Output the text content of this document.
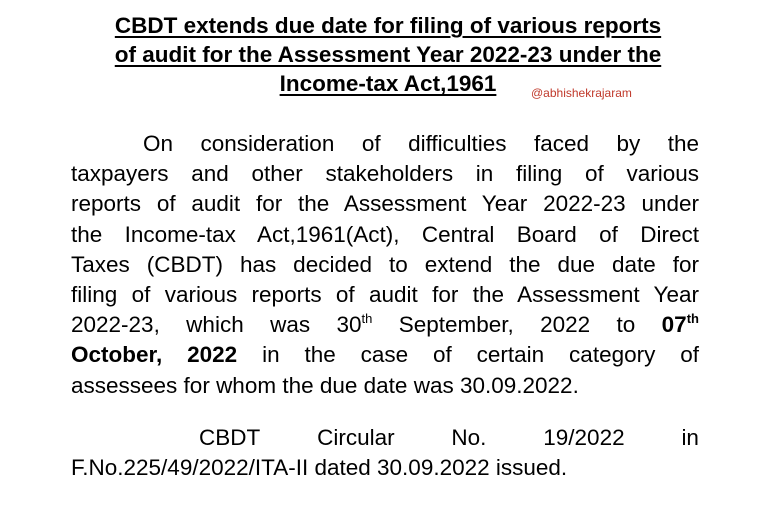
CBDT extends due date for filing of various reports
of audit for the Assessment Year 2022-23 under the
Income-tax Act,1961	@abhishekrajaram
On consideration of difficulties faced by the
taxpayers and other stakeholders in filing of various
reports of audit for the Assessment Year 2022-23 under
the Income-tax Act,1961(Act), Central Board of Direct
Taxes (CBDT) has decided to extend the due date for
filing of various reports of audit for the Assessment Year
2022-23, which was 30th September, 2022 to 07th
October, 2022 in the case of certain category of
assessees for whom the due date was 30.09.2022.
CBDT	Circular	No.	19/2022	in
F.No.225/49/2022/ITA-II dated 30.09.2022 issued.
